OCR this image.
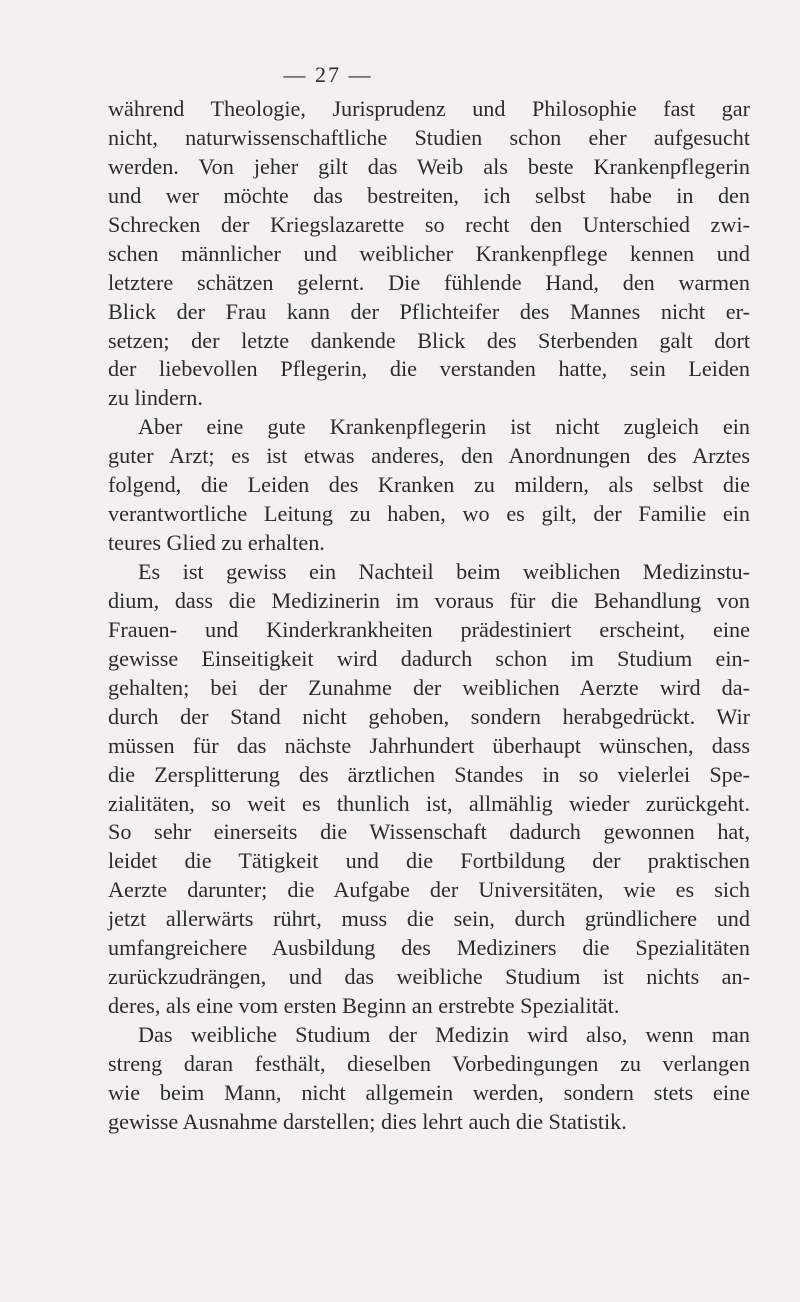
— 27 —
während Theologie, Jurisprudenz und Philosophie fast gar
nicht, naturwissenschaftliche Studien schon eher aufgesucht
werden. Von jeher gilt das Weib als beste Krankenpflegerin
und wer möchte das bestreiten, ich selbst habe in den
Schrecken der Kriegslazarette so recht den Unterschied zwi-
schen männlicher und weiblicher Krankenpflege kennen und
letztere schätzen gelernt. Die fühlende Hand, den warmen
Blick der Frau kann der Pflichteifer des Mannes nicht er-
setzen; der letzte dankende Blick des Sterbenden galt dort
der liebevollen Pflegerin, die verstanden hatte, sein Leiden
zu lindern.
Aber eine gute Krankenpflegerin ist nicht zugleich ein
guter Arzt; es ist etwas anderes, den Anordnungen des Arztes
folgend, die Leiden des Kranken zu mildern, als selbst die
verantwortliche Leitung zu haben, wo es gilt, der Familie ein
teures Glied zu erhalten.
Es ist gewiss ein Nachteil beim weiblichen Medizinstu-
dium, dass die Medizinerin im voraus für die Behandlung von
Frauen- und Kinderkrankheiten prädestiniert erscheint, eine
gewisse Einseitigkeit wird dadurch schon im Studium ein-
gehalten; bei der Zunahme der weiblichen Aerzte wird da-
durch der Stand nicht gehoben, sondern herabgedrückt. Wir
müssen für das nächste Jahrhundert überhaupt wünschen, dass
die Zersplitterung des ärztlichen Standes in so vielerlei Spe-
zialitäten, so weit es thunlich ist, allmählig wieder zurückgeht.
So sehr einerseits die Wissenschaft dadurch gewonnen hat,
leidet die Tätigkeit und die Fortbildung der praktischen
Aerzte darunter; die Aufgabe der Universitäten, wie es sich
jetzt allerwärts rührt, muss die sein, durch gründlichere und
umfangreichere Ausbildung des Mediziners die Spezialitäten
zurückzudrängen, und das weibliche Studium ist nichts an-
deres, als eine vom ersten Beginn an erstrebte Spezialität.
Das weibliche Studium der Medizin wird also, wenn man
streng daran festhält, dieselben Vorbedingungen zu verlangen
wie beim Mann, nicht allgemein werden, sondern stets eine
gewisse Ausnahme darstellen; dies lehrt auch die Statistik.
